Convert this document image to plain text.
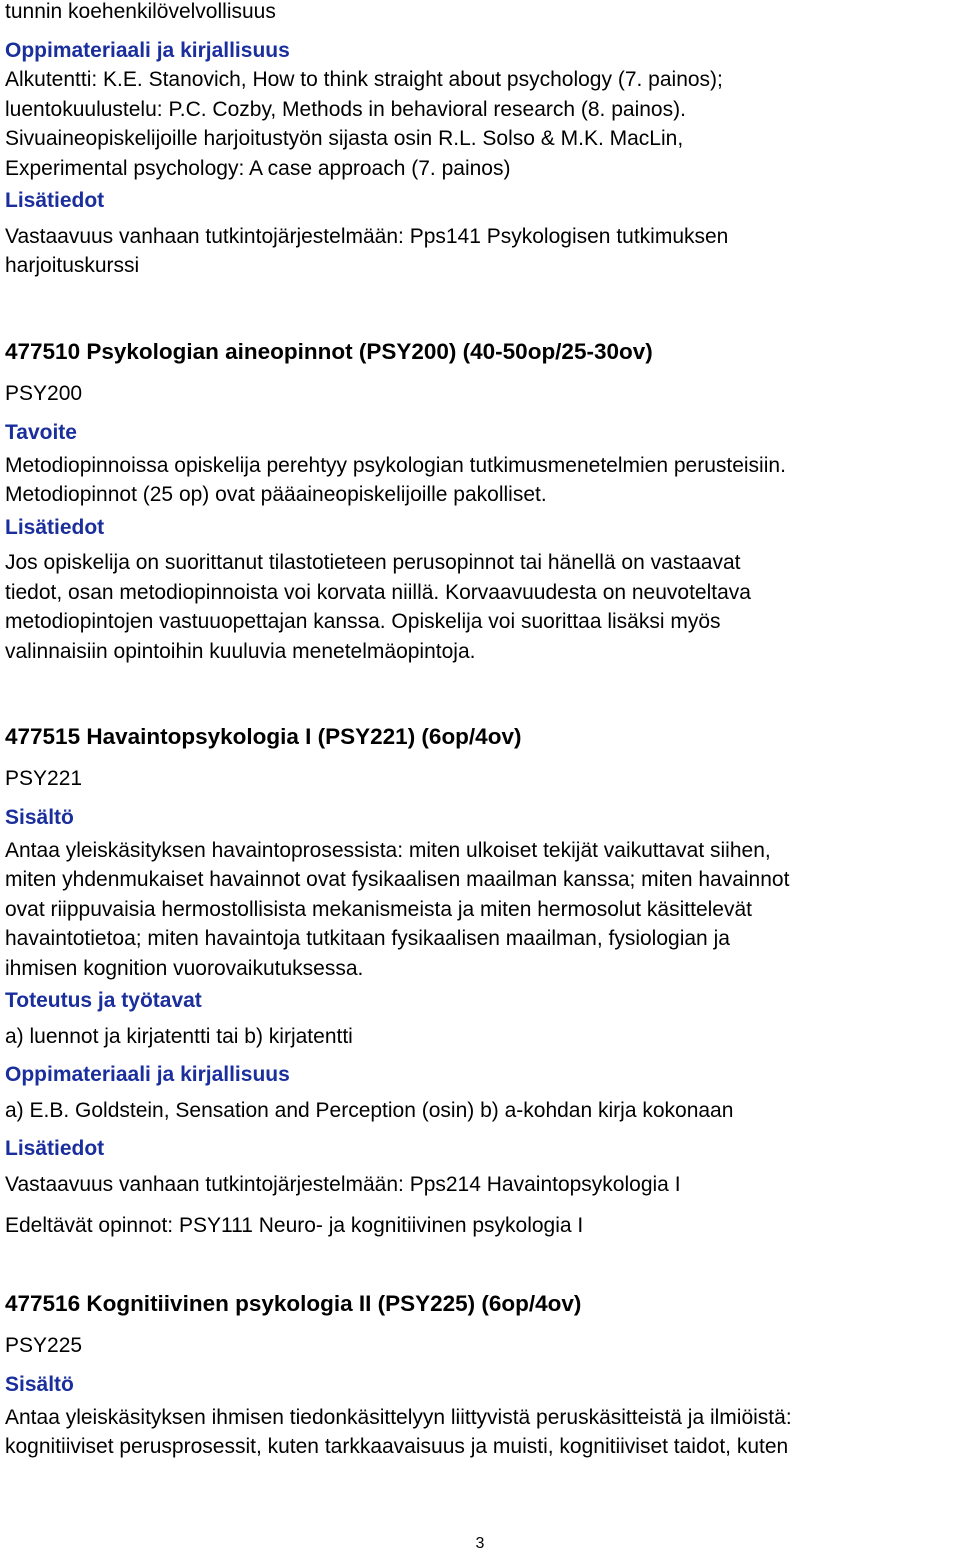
tunnin koehenkilövelvollisuus
Oppimateriaali ja kirjallisuus
Alkutentti: K.E. Stanovich, How to think straight about psychology (7. painos);
luentokuulustelu: P.C. Cozby, Methods in behavioral research (8. painos).
Sivuaineopiskelijoille harjoitustyön sijasta osin R.L. Solso & M.K. MacLin,
Experimental psychology: A case approach (7. painos)
Lisätiedot
Vastaavuus vanhaan tutkintojärjestelmään: Pps141 Psykologisen tutkimuksen
harjoituskurssi
477510 Psykologian aineopinnot (PSY200) (40-50op/25-30ov)
PSY200
Tavoite
Metodiopinnoissa opiskelija perehtyy psykologian tutkimusmenetelmien perusteisiin.
Metodiopinnot (25 op) ovat pääaineopiskelijoille pakolliset.
Lisätiedot
Jos opiskelija on suorittanut tilastotieteen perusopinnot tai hänellä on vastaavat
tiedot, osan metodiopinnoista voi korvata niillä. Korvaavuudesta on neuvoteltava
metodiopintojen vastuuopettajan kanssa. Opiskelija voi suorittaa lisäksi myös
valinnaisiin opintoihin kuuluvia menetelmäopintoja.
477515 Havaintopsykologia I (PSY221) (6op/4ov)
PSY221
Sisältö
Antaa yleiskäsityksen havaintoprosessista: miten ulkoiset tekijät vaikuttavat siihen,
miten yhdenmukaiset havainnot ovat fysikaalisen maailman kanssa; miten havainnot
ovat riippuvaisia hermostollisista mekanismeista ja miten hermosolut käsittelevät
havaintotietoa; miten havaintoja tutkitaan fysikaalisen maailman, fysiologian ja
ihmisen kognition vuorovaikutuksessa.
Toteutus ja työtavat
a) luennot ja kirjatentti tai b) kirjatentti
Oppimateriaali ja kirjallisuus
a) E.B. Goldstein, Sensation and Perception (osin) b) a-kohdan kirja kokonaan
Lisätiedot
Vastaavuus vanhaan tutkintojärjestelmään: Pps214 Havaintopsykologia I
Edeltävät opinnot: PSY111 Neuro- ja kognitiivinen psykologia I
477516 Kognitiivinen psykologia II (PSY225) (6op/4ov)
PSY225
Sisältö
Antaa yleiskäsityksen ihmisen tiedonkäsittelyyn liittyvistä peruskäsitteistä ja ilmiöistä:
kognitiiviset perusprosessit, kuten tarkkaavaisuus ja muisti, kognitiiviset taidot, kuten
3
